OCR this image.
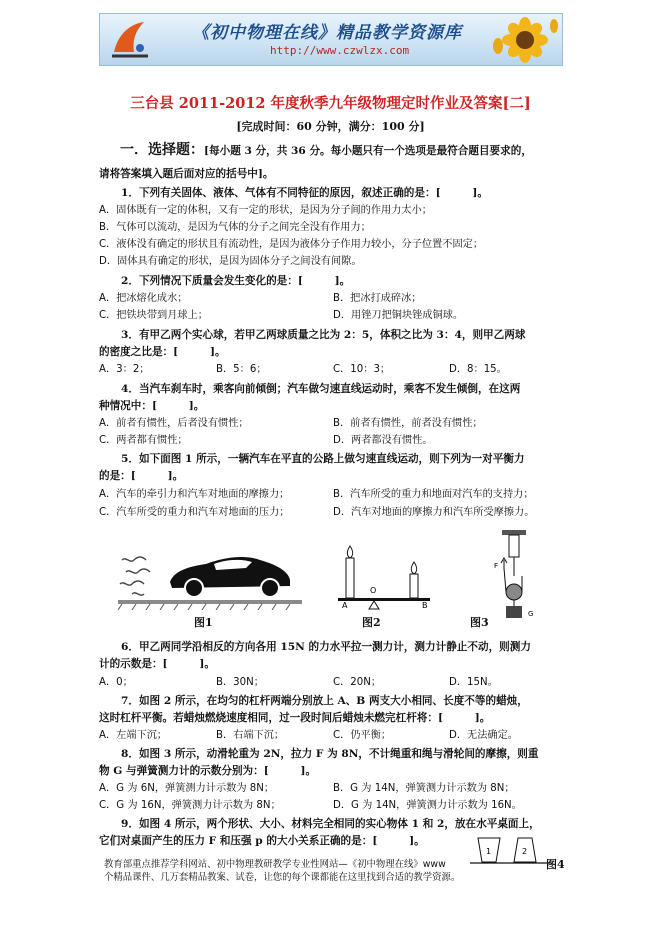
《初中物理在线》精品教学资源库
http://www.czwlzx.com
三台县 2011-2012 年度秋季九年级物理定时作业及答案[二]
[完成时间：60 分钟，满分：100 分]
一．选择题：[每小题 3 分，共 36 分。每小题只有一个选项是最符合题目要求的，
请将答案填入题后面对应的括号中]。
1．下列有关固体、液体、气体有不同特征的原因，叙述正确的是：[　　　]。
A．固体既有一定的体积，又有一定的形状，是因为分子间的作用力太小；
B．气体可以流动，是因为气体的分子之间完全没有作用力；
C．液体没有确定的形状且有流动性，是因为液体分子作用力较小，分子位置不固定；
D．固体具有确定的形状，是因为固体分子之间没有间隙。
2．下列情况下质量会发生变化的是：[　　　]。
A．把冰熔化成水；	B．把冰打成碎冰；
C．把铁块带到月球上；	D．用锉刀把铜块锉成铜球。
3．有甲乙两个实心球，若甲乙两球质量之比为 2：5，体积之比为 3：4，则甲乙两球
的密度之比是：[　　　]。
A．3：2；	B．5：6；	C．10：3；	D．8：15。
4．当汽车刹车时，乘客向前倾倒；汽车做匀速直线运动时，乘客不发生倾倒，在这两
种情况中：[　　　]。
A．前者有惯性，后者没有惯性；	B．前者有惯性，前者没有惯性；
C．两者都有惯性；	D．两者都没有惯性。
5．如下面图 1 所示，一辆汽车在平直的公路上做匀速直线运动，则下列为一对平衡力
的是：[　　　]。
A．汽车的牵引力和汽车对地面的摩擦力；	B．汽车所受的重力和地面对汽车的支持力；
C．汽车所受的重力和汽车对地面的压力；	D．汽车对地面的摩擦力和汽车所受摩擦力。
A
O
B
F
G
图1	图2	图3
6．甲乙两同学沿相反的方向各用 15N 的力水平拉一测力计，测力计静止不动，则测力
计的示数是：[　　　]。
A．0；	B．30N；	C．20N；	D．15N。
7．如图 2 所示，在均匀的杠杆两端分别放上 A、B 两支大小相同、长度不等的蜡烛，
这时杠杆平衡。若蜡烛燃烧速度相同，过一段时间后蜡烛未燃完杠杆将：[　　　]。
A．左端下沉；	B．右端下沉；	C．仍平衡；	D．无法确定。
8．如图 3 所示，动滑轮重为 2N，拉力 F 为 8N，不计绳重和绳与滑轮间的摩擦，则重
物 G 与弹簧测力计的示数分别为：[　　　]。
A．G 为 6N，弹簧测力计示数为 8N；	B．G 为 14N，弹簧测力计示数为 8N；
C．G 为 16N，弹簧测力计示数为 8N；	D．G 为 14N，弹簧测力计示数为 16N。
9．如图 4 所示，两个形状、大小、材料完全相同的实心物体 1 和 2，放在水平桌面上，
它们对桌面产生的压力 F 和压强 p 的大小关系正确的是：[　　　]。
1	2
图4
教育部重点推荐学科网站、初中物理教研教学专业性网站—《初中物理在线》www
个精品课件、几万套精品教案、试卷，让您的每个课都能在这里找到合适的教学资源。
